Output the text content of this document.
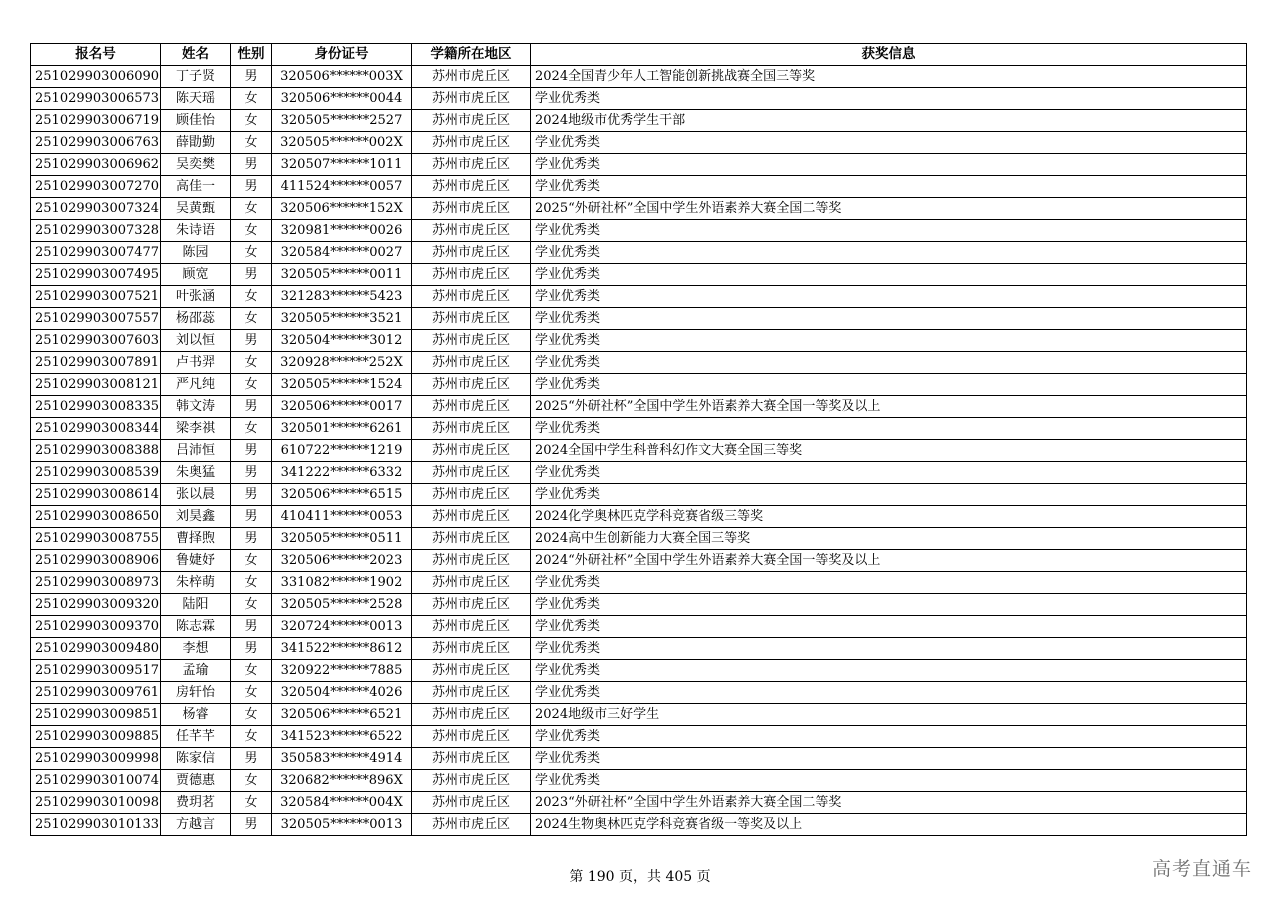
报名号	姓名	性别	身份证号	学籍所在地区	获奖信息
251029903006090	丁子贤	男	320506******003X	苏州市虎丘区	2024全国青少年人工智能创新挑战赛全国三等奖
251029903006573	陈天瑶	女	320506******0044	苏州市虎丘区	学业优秀类
251029903006719	顾佳怡	女	320505******2527	苏州市虎丘区	2024地级市优秀学生干部
251029903006763	薛勖勤	女	320505******002X	苏州市虎丘区	学业优秀类
251029903006962	吴奕樊	男	320507******1011	苏州市虎丘区	学业优秀类
251029903007270	高佳一	男	411524******0057	苏州市虎丘区	学业优秀类
251029903007324	吴黄甄	女	320506******152X	苏州市虎丘区	2025“外研社杯”全国中学生外语素养大赛全国二等奖
251029903007328	朱诗语	女	320981******0026	苏州市虎丘区	学业优秀类
251029903007477	陈园	女	320584******0027	苏州市虎丘区	学业优秀类
251029903007495	顾宽	男	320505******0011	苏州市虎丘区	学业优秀类
251029903007521	叶张涵	女	321283******5423	苏州市虎丘区	学业优秀类
251029903007557	杨邵蕊	女	320505******3521	苏州市虎丘区	学业优秀类
251029903007603	刘以恒	男	320504******3012	苏州市虎丘区	学业优秀类
251029903007891	卢书羿	女	320928******252X	苏州市虎丘区	学业优秀类
251029903008121	严凡纯	女	320505******1524	苏州市虎丘区	学业优秀类
251029903008335	韩文涛	男	320506******0017	苏州市虎丘区	2025“外研社杯”全国中学生外语素养大赛全国一等奖及以上
251029903008344	梁李祺	女	320501******6261	苏州市虎丘区	学业优秀类
251029903008388	吕沛恒	男	610722******1219	苏州市虎丘区	2024全国中学生科普科幻作文大赛全国三等奖
251029903008539	朱奥猛	男	341222******6332	苏州市虎丘区	学业优秀类
251029903008614	张以晨	男	320506******6515	苏州市虎丘区	学业优秀类
251029903008650	刘昊鑫	男	410411******0053	苏州市虎丘区	2024化学奥林匹克学科竞赛省级三等奖
251029903008755	曹择煦	男	320505******0511	苏州市虎丘区	2024高中生创新能力大赛全国三等奖
251029903008906	鲁婕妤	女	320506******2023	苏州市虎丘区	2024“外研社杯”全国中学生外语素养大赛全国一等奖及以上
251029903008973	朱梓萌	女	331082******1902	苏州市虎丘区	学业优秀类
251029903009320	陆阳	女	320505******2528	苏州市虎丘区	学业优秀类
251029903009370	陈志霖	男	320724******0013	苏州市虎丘区	学业优秀类
251029903009480	李想	男	341522******8612	苏州市虎丘区	学业优秀类
251029903009517	孟瑜	女	320922******7885	苏州市虎丘区	学业优秀类
251029903009761	房轩怡	女	320504******4026	苏州市虎丘区	学业优秀类
251029903009851	杨睿	女	320506******6521	苏州市虎丘区	2024地级市三好学生
251029903009885	任芊芊	女	341523******6522	苏州市虎丘区	学业优秀类
251029903009998	陈家信	男	350583******4914	苏州市虎丘区	学业优秀类
251029903010074	贾德惠	女	320682******896X	苏州市虎丘区	学业优秀类
251029903010098	费玥茗	女	320584******004X	苏州市虎丘区	2023“外研社杯”全国中学生外语素养大赛全国二等奖
251029903010133	方越言	男	320505******0013	苏州市虎丘区	2024生物奥林匹克学科竞赛省级一等奖及以上
第 190 页，共 405 页	高考直通车
